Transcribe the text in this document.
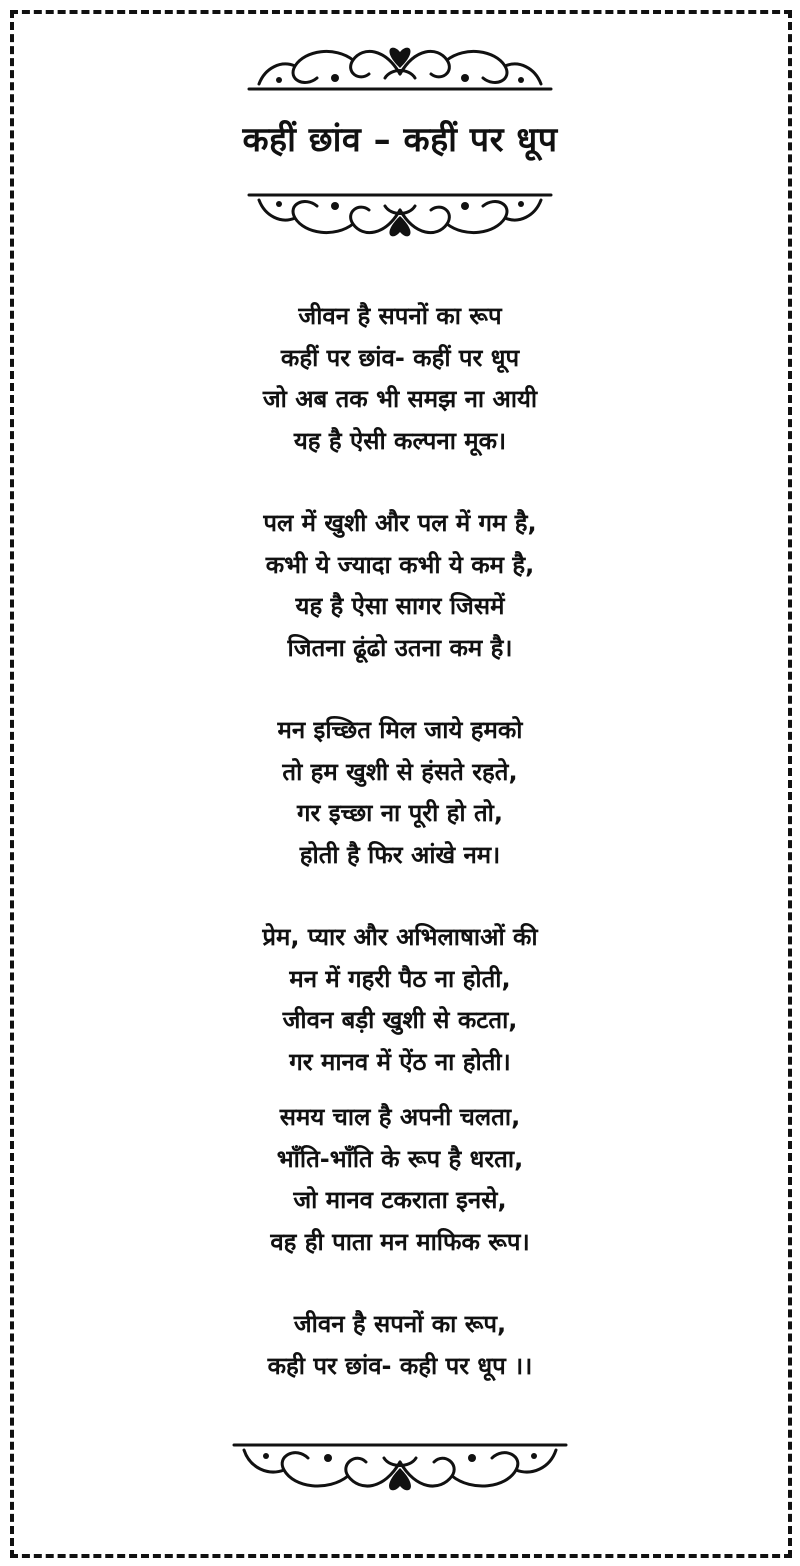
कहीं छांव – कहीं पर धूप
जीवन है सपनों का रूप
कहीं पर छांव- कहीं पर धूप
जो अब तक भी समझ ना आयी
यह है ऐसी कल्पना मूक।
पल में खुशी और पल में गम है,
कभी ये ज्यादा कभी ये कम है,
यह है ऐसा सागर जिसमें
जितना ढूंढो उतना कम है।
मन इच्छित मिल जाये हमको
तो हम खुशी से हंसते रहते,
गर इच्छा ना पूरी हो तो,
होती है फिर आंखे नम।
प्रेम, प्यार और अभिलाषाओं की
मन में गहरी पैठ ना होती,
जीवन बड़ी खुशी से कटता,
गर मानव में ऐंठ ना होती।
समय चाल है अपनी चलता,
भाँति-भाँति के रूप है धरता,
जो मानव टकराता इनसे,
वह ही पाता मन माफिक रूप।
जीवन है सपनों का रूप,
कही पर छांव- कही पर धूप ।।
